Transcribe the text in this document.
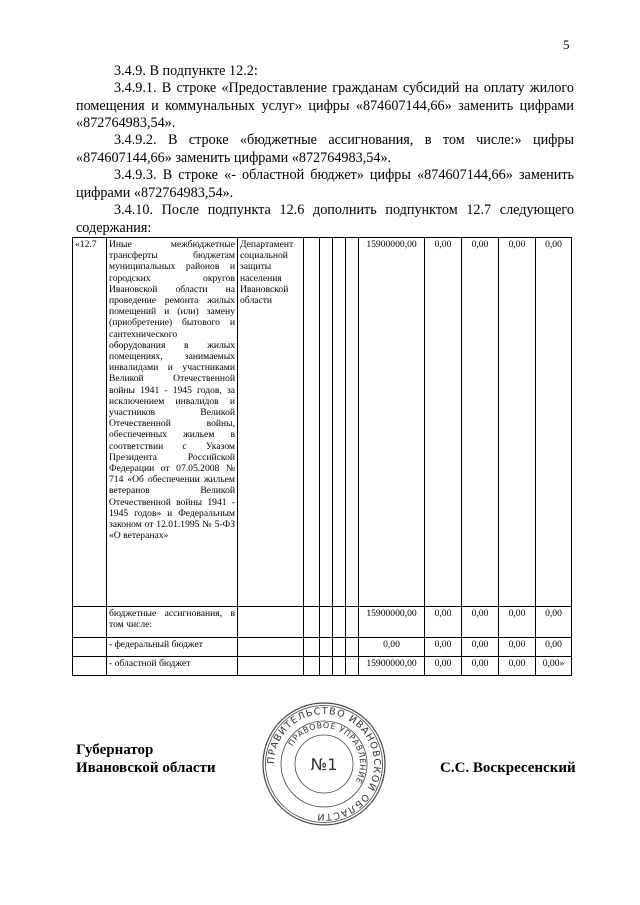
5
3.4.9. В подпункте 12.2:
3.4.9.1. В строке «Предоставление гражданам субсидий на оплату жилого помещения и коммунальных услуг» цифры «874607144,66» заменить цифрами «872764983,54».
3.4.9.2. В строке «бюджетные ассигнования, в том числе:» цифры «874607144,66» заменить цифрами «872764983,54».
3.4.9.3. В строке «- областной бюджет» цифры «874607144,66» заменить цифрами «872764983,54».
3.4.10. После подпункта 12.6 дополнить подпунктом 12.7 следующего содержания:
«12.7	Иные межбюджетные трансферты бюджетам муниципальных районов и городских округов Ивановской области на проведение ремонта жилых помещений и (или) замену (приобретение) бытового и сантехнического оборудования в жилых помещениях, занимаемых инвалидами и участниками Великой Отечественной войны 1941 - 1945 годов, за исключением инвалидов и участников Великой Отечественной войны, обеспеченных жильем в соответствии с Указом Президента Российской Федерации от 07.05.2008 № 714 «Об обеспечении жильем ветеранов Великой Отечественной войны 1941 - 1945 годов» и Федеральным законом от 12.01.1995 № 5-ФЗ «О ветеранах»	Департамент социальной защиты населения Ивановской области					15900000,00	0,00	0,00	0,00	0,00
	бюджетные ассигнования, в том числе:						15900000,00	0,00	0,00	0,00	0,00
	- федеральный бюджет						0,00	0,00	0,00	0,00	0,00
	- областной бюджет						15900000,00	0,00	0,00	0,00	0,00»
Губернатор
Ивановской области	С.С. Воскресенский
ПРАВИТЕЛЬСТВО ИВАНОВСКОЙ ОБЛАСТИ
ПРАВОВОЕ УПРАВЛЕНИЕ
№1
